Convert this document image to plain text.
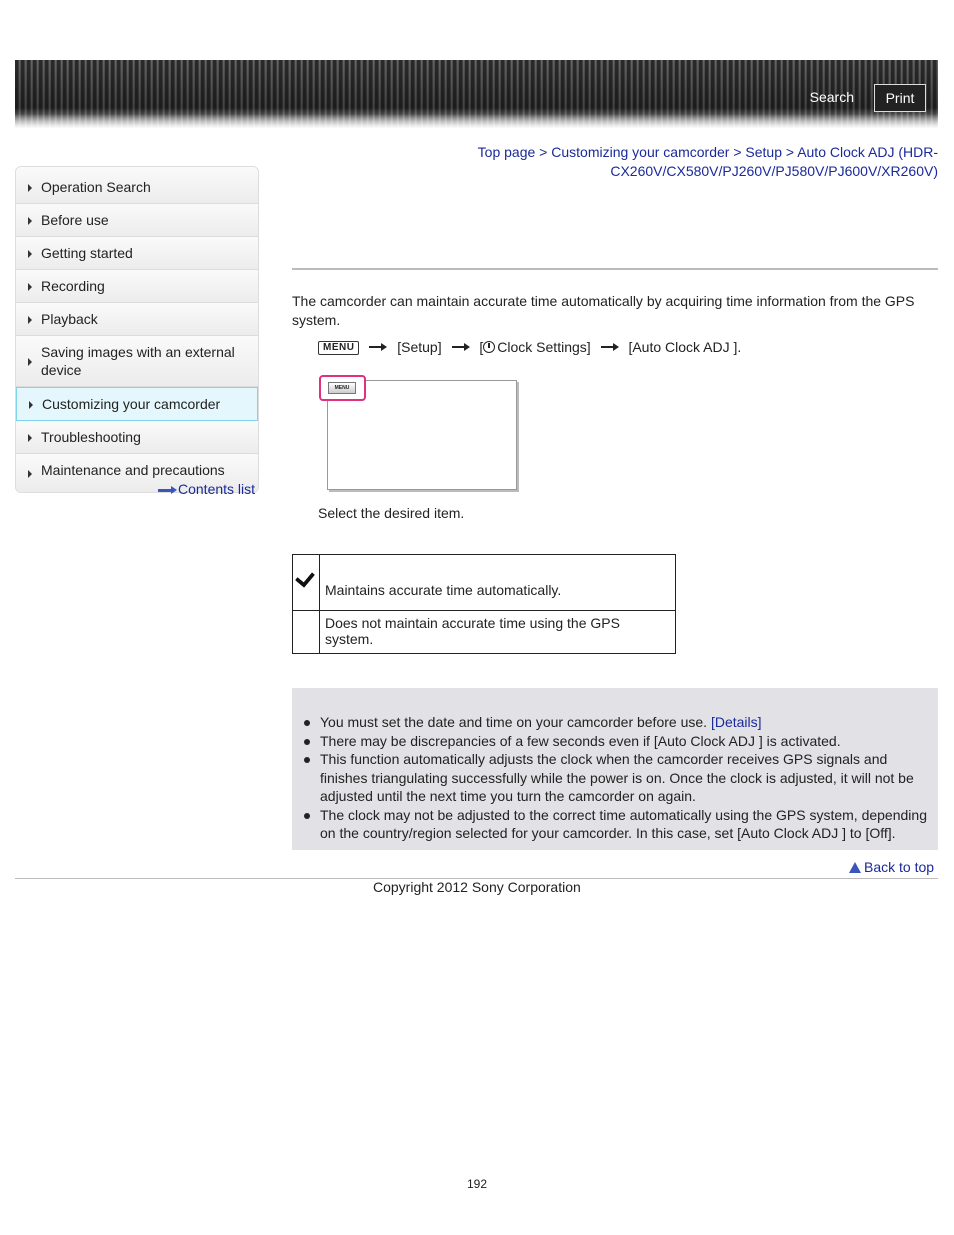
Search	Print
Top page > Customizing your camcorder > Setup > Auto Clock ADJ (HDR-CX260V/CX580V/PJ260V/PJ580V/PJ600V/XR260V)
Operation Search
Before use
Getting started
Recording
Playback
Saving images with an external device
Customizing your camcorder
Troubleshooting
Maintenance and precautions
Contents list
The camcorder can maintain accurate time automatically by acquiring time information from the GPS system.
MENU	[Setup]	[ Clock Settings]	[Auto Clock ADJ ].
MENU
Select the desired item.
Maintains accurate time automatically.
Does not maintain accurate time using the GPS system.
You must set the date and time on your camcorder before use. [Details]
There may be discrepancies of a few seconds even if [Auto Clock ADJ ] is activated.
This function automatically adjusts the clock when the camcorder receives GPS signals and finishes triangulating successfully while the power is on. Once the clock is adjusted, it will not be adjusted until the next time you turn the camcorder on again.
The clock may not be adjusted to the correct time automatically using the GPS system, depending on the country/region selected for your camcorder. In this case, set [Auto Clock ADJ ] to [Off].
Back to top
Copyright 2012 Sony Corporation
192
